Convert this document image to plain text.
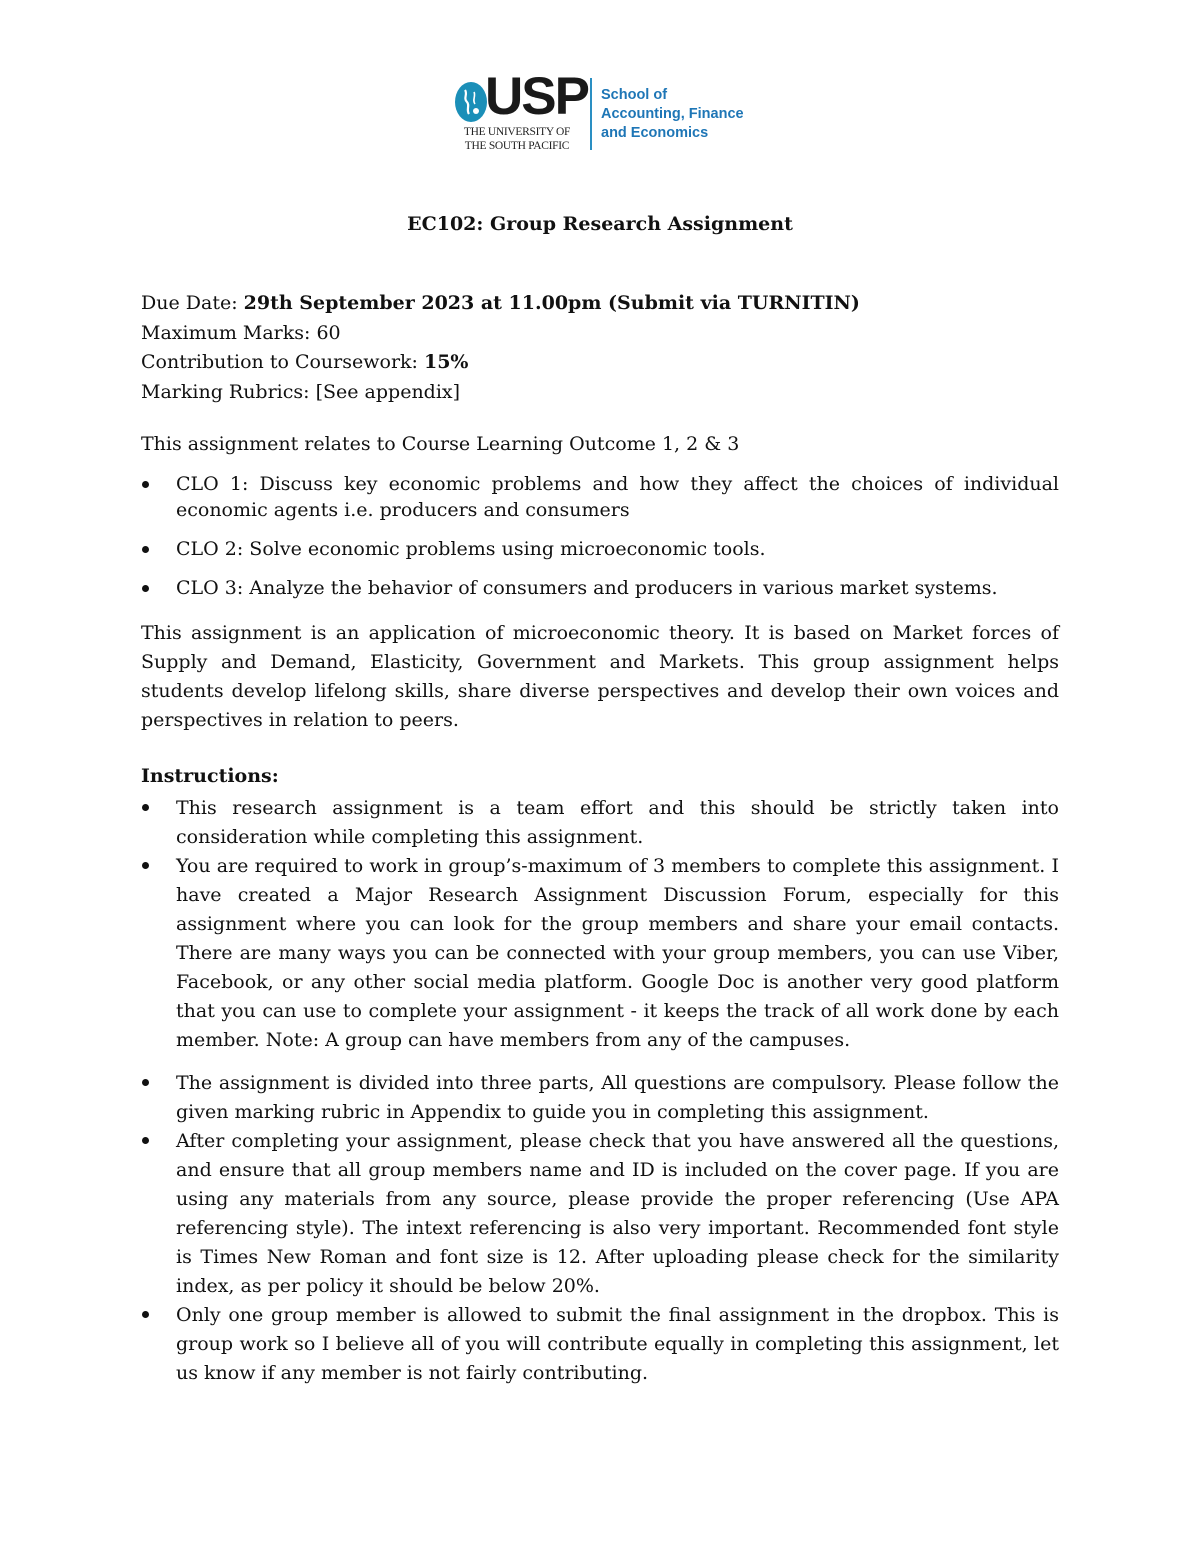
USP
THE UNIVERSITY OF THE SOUTH PACIFIC
School of
Accounting, Finance
and Economics
EC102: Group Research Assignment
Due Date: 29th September 2023 at 11.00pm (Submit via TURNITIN)
Maximum Marks: 60
Contribution to Coursework: 15%
Marking Rubrics: [See appendix]
This assignment relates to Course Learning Outcome 1, 2 & 3
CLO 1: Discuss key economic problems and how they affect the choices of individual economic agents i.e. producers and consumers
CLO 2: Solve economic problems using microeconomic tools.
CLO 3: Analyze the behavior of consumers and producers in various market systems.
This assignment is an application of microeconomic theory. It is based on Market forces of Supply and Demand, Elasticity, Government and Markets. This group assignment helps students develop lifelong skills, share diverse perspectives and develop their own voices and perspectives in relation to peers.
Instructions:
This research assignment is a team effort and this should be strictly taken into consideration while completing this assignment.
You are required to work in group’s-maximum of 3 members to complete this assignment. I have created a Major Research Assignment Discussion Forum, especially for this assignment where you can look for the group members and share your email contacts. There are many ways you can be connected with your group members, you can use Viber, Facebook, or any other social media platform. Google Doc is another very good platform that you can use to complete your assignment - it keeps the track of all work done by each member. Note: A group can have members from any of the campuses.
The assignment is divided into three parts, All questions are compulsory. Please follow the given marking rubric in Appendix to guide you in completing this assignment.
After completing your assignment, please check that you have answered all the questions, and ensure that all group members name and ID is included on the cover page. If you are using any materials from any source, please provide the proper referencing (Use APA referencing style). The intext referencing is also very important. Recommended font style is Times New Roman and font size is 12. After uploading please check for the similarity index, as per policy it should be below 20%.
Only one group member is allowed to submit the final assignment in the dropbox. This is group work so I believe all of you will contribute equally in completing this assignment, let us know if any member is not fairly contributing.
